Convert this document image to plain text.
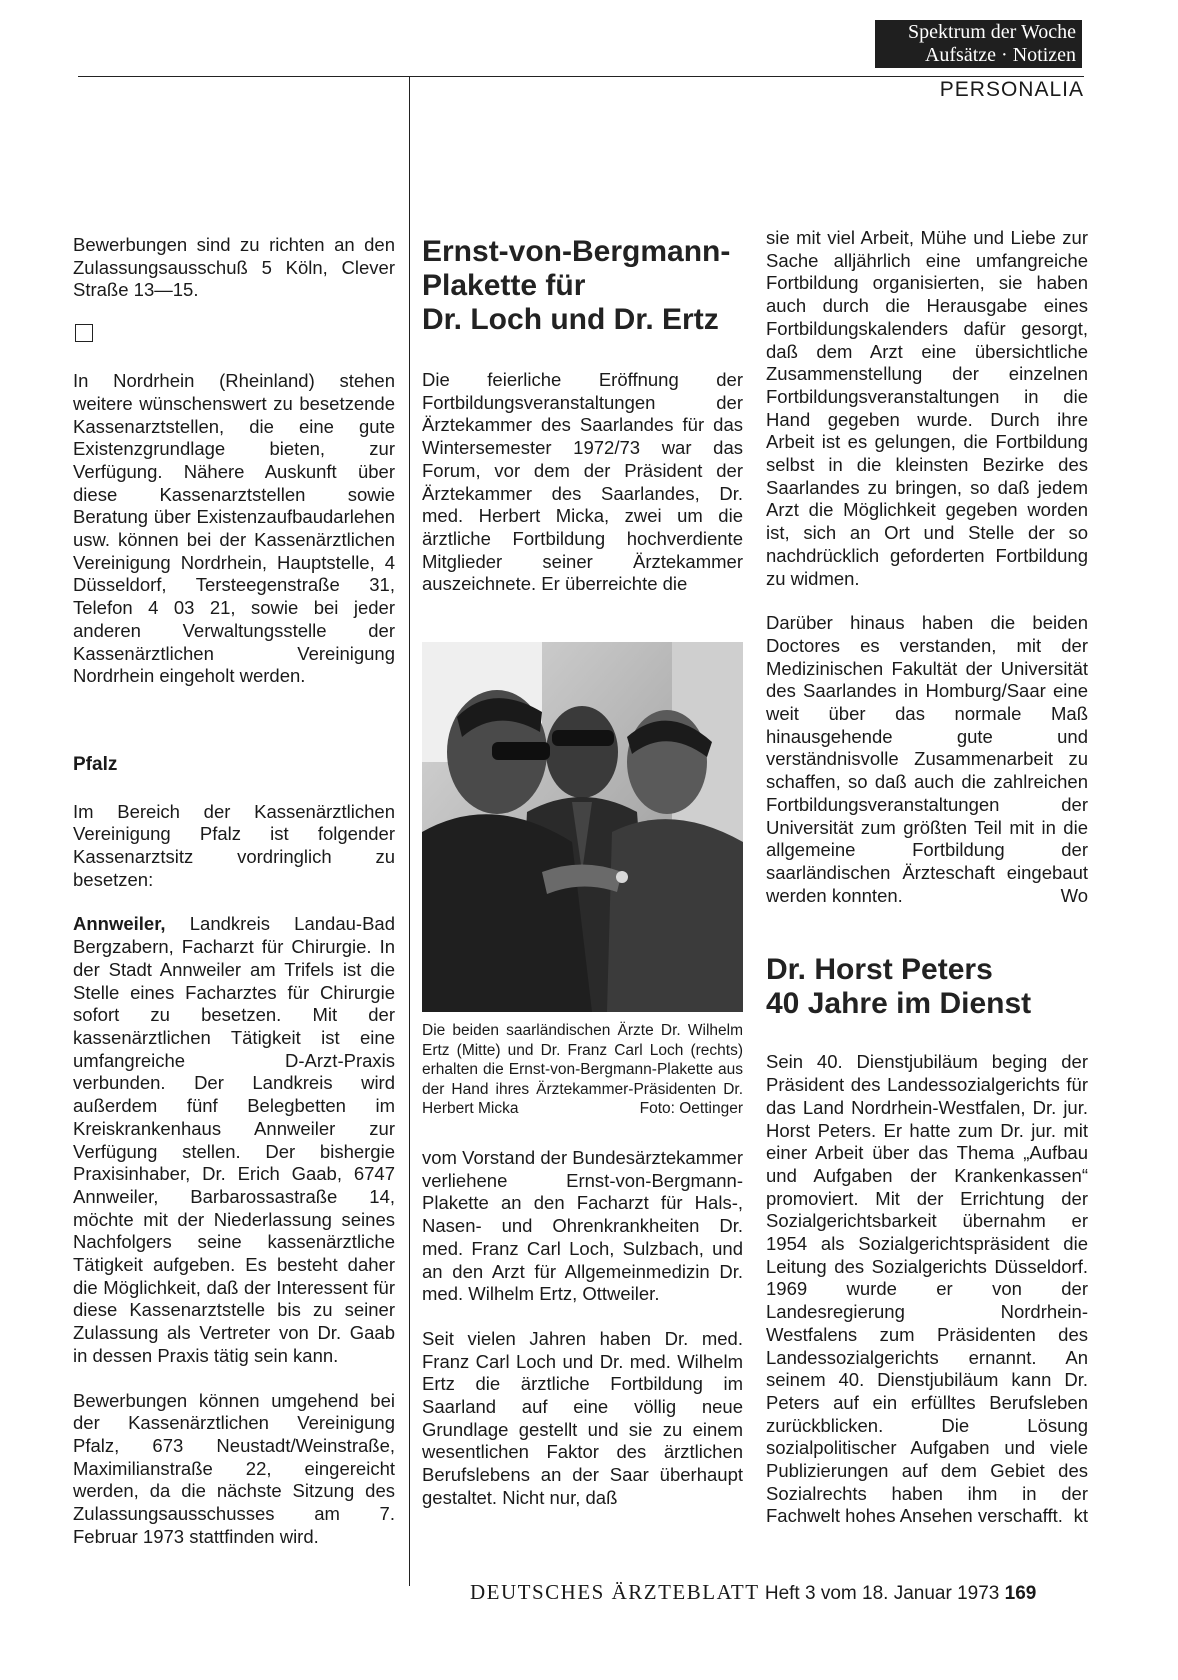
Spektrum der Woche
Aufsätze · Notizen
PERSONALIA

Bewerbungen sind zu richten an den Zulassungsausschuß 5 Köln, Clever Straße 13—15.

In Nordrhein (Rheinland) stehen weitere wünschenswert zu besetzende Kassenarztstellen, die eine gute Existenzgrundlage bieten, zur Verfügung. Nähere Auskunft über diese Kassenarztstellen sowie Beratung über Existenzaufbaudarlehen usw. können bei der Kassenärztlichen Vereinigung Nordrhein, Hauptstelle, 4 Düsseldorf, Tersteegenstraße 31, Telefon 4 03 21, sowie bei jeder anderen Verwaltungsstelle der Kassenärztlichen Vereinigung Nordrhein eingeholt werden.

Pfalz

Im Bereich der Kassenärztlichen Vereinigung Pfalz ist folgender Kassenarztsitz vordringlich zu besetzen:

Annweiler, Landkreis Landau-Bad Bergzabern, Facharzt für Chirurgie. In der Stadt Annweiler am Trifels ist die Stelle eines Facharztes für Chirurgie sofort zu besetzen. Mit der kassenärztlichen Tätigkeit ist eine umfangreiche D-Arzt-Praxis verbunden. Der Landkreis wird außerdem fünf Belegbetten im Kreiskrankenhaus Annweiler zur Verfügung stellen. Der bishergie Praxisinhaber, Dr. Erich Gaab, 6747 Annweiler, Barbarossastraße 14, möchte mit der Niederlassung seines Nachfolgers seine kassenärztliche Tätigkeit aufgeben. Es besteht daher die Möglichkeit, daß der Interessent für diese Kassenarztstelle bis zu seiner Zulassung als Vertreter von Dr. Gaab in dessen Praxis tätig sein kann.

Bewerbungen können umgehend bei der Kassenärztlichen Vereinigung Pfalz, 673 Neustadt/Weinstraße, Maximilianstraße 22, eingereicht werden, da die nächste Sitzung des Zulassungsausschusses am 7. Februar 1973 stattfinden wird.

Ernst-von-Bergmann-
Plakette für
Dr. Loch und Dr. Ertz

Die feierliche Eröffnung der Fortbildungsveranstaltungen der Ärztekammer des Saarlandes für das Wintersemester 1972/73 war das Forum, vor dem der Präsident der Ärztekammer des Saarlandes, Dr. med. Herbert Micka, zwei um die ärztliche Fortbildung hochverdiente Mitglieder seiner Ärztekammer auszeichnete. Er überreichte die

Die beiden saarländischen Ärzte Dr. Wilhelm Ertz (Mitte) und Dr. Franz Carl Loch (rechts) erhalten die Ernst-von-Bergmann-Plakette aus der Hand ihres Ärztekammer-Präsidenten Dr. Herbert Micka	Foto: Oettinger

vom Vorstand der Bundesärztekammer verliehene Ernst-von-Bergmann-Plakette an den Facharzt für Hals-, Nasen- und Ohrenkrankheiten Dr. med. Franz Carl Loch, Sulzbach, und an den Arzt für Allgemeinmedizin Dr. med. Wilhelm Ertz, Ottweiler.

Seit vielen Jahren haben Dr. med. Franz Carl Loch und Dr. med. Wilhelm Ertz die ärztliche Fortbildung im Saarland auf eine völlig neue Grundlage gestellt und sie zu einem wesentlichen Faktor des ärztlichen Berufslebens an der Saar überhaupt gestaltet. Nicht nur, daß

sie mit viel Arbeit, Mühe und Liebe zur Sache alljährlich eine umfangreiche Fortbildung organisierten, sie haben auch durch die Herausgabe eines Fortbildungskalenders dafür gesorgt, daß dem Arzt eine übersichtliche Zusammenstellung der einzelnen Fortbildungsveranstaltungen in die Hand gegeben wurde. Durch ihre Arbeit ist es gelungen, die Fortbildung selbst in die kleinsten Bezirke des Saarlandes zu bringen, so daß jedem Arzt die Möglichkeit gegeben worden ist, sich an Ort und Stelle der so nachdrücklich geforderten Fortbildung zu widmen.

Darüber hinaus haben die beiden Doctores es verstanden, mit der Medizinischen Fakultät der Universität des Saarlandes in Homburg/Saar eine weit über das normale Maß hinausgehende gute und verständnisvolle Zusammenarbeit zu schaffen, so daß auch die zahlreichen Fortbildungsveranstaltungen der Universität zum größten Teil mit in die allgemeine Fortbildung der saarländischen Ärzteschaft eingebaut werden konnten.	Wo

Dr. Horst Peters
40 Jahre im Dienst

Sein 40. Dienstjubiläum beging der Präsident des Landessozialgerichts für das Land Nordrhein-Westfalen, Dr. jur. Horst Peters. Er hatte zum Dr. jur. mit einer Arbeit über das Thema „Aufbau und Aufgaben der Krankenkassen“ promoviert. Mit der Errichtung der Sozialgerichtsbarkeit übernahm er 1954 als Sozialgerichtspräsident die Leitung des Sozialgerichts Düsseldorf. 1969 wurde er von der Landesregierung Nordrhein-Westfalens zum Präsidenten des Landessozialgerichts ernannt. An seinem 40. Dienstjubiläum kann Dr. Peters auf ein erfülltes Berufsleben zurückblicken. Die Lösung sozialpolitischer Aufgaben und viele Publizierungen auf dem Gebiet des Sozialrechts haben ihm in der Fachwelt hohes Ansehen verschafft. kt

DEUTSCHES ÄRZTEBLATT Heft 3 vom 18. Januar 1973 169
